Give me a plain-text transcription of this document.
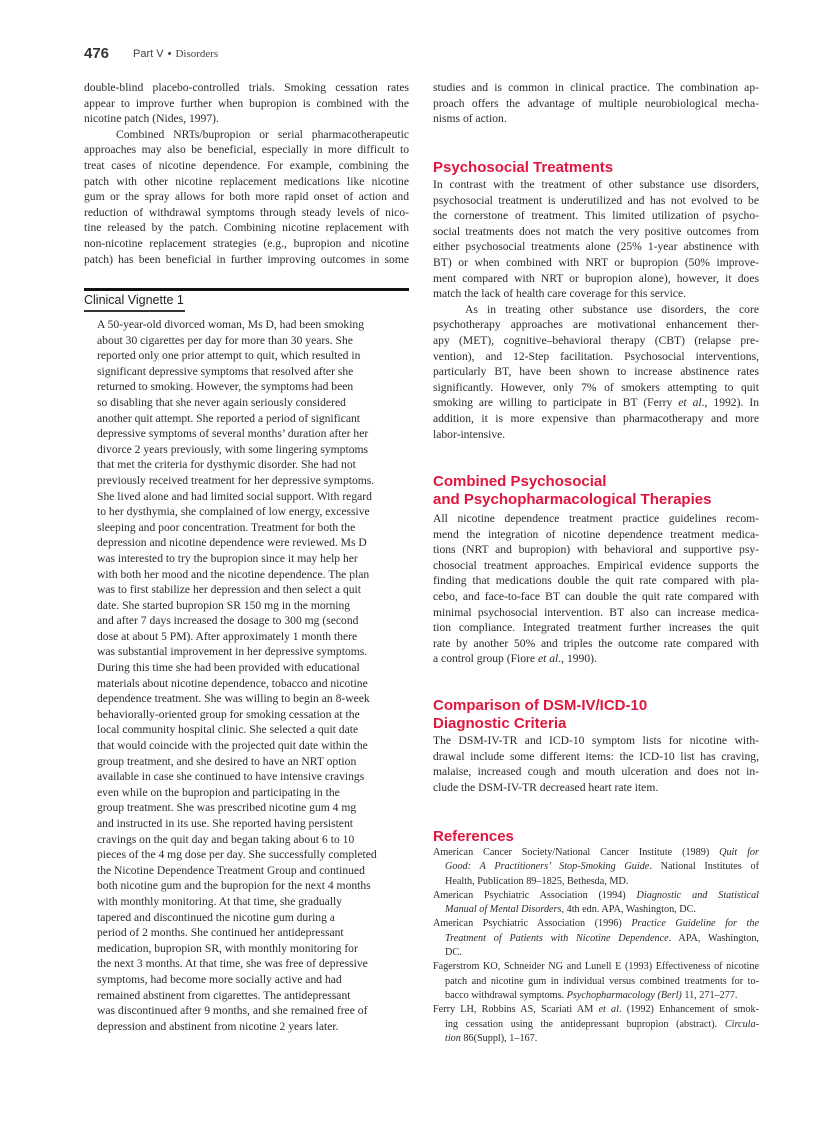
476 Part V • Disorders
double-blind placebo-controlled trials. Smoking cessation rates
appear to improve further when bupropion is combined with the
nicotine patch (Nides, 1997).
Combined NRTs/bupropion or serial pharmacotherapeutic
approaches may also be beneficial, especially in more difficult to
treat cases of nicotine dependence. For example, combining the
patch with other nicotine replacement medications like nicotine
gum or the spray allows for both more rapid onset of action and
reduction of withdrawal symptoms through steady levels of nico-
tine released by the patch. Combining nicotine replacement with
non-nicotine replacement strategies (e.g., bupropion and nicotine
patch) has been beneficial in further improving outcomes in some
Clinical Vignette 1
A 50-year-old divorced woman, Ms D, had been smoking
about 30 cigarettes per day for more than 30 years. She
reported only one prior attempt to quit, which resulted in
significant depressive symptoms that resolved after she
returned to smoking. However, the symptoms had been
so disabling that she never again seriously considered
another quit attempt. She reported a period of significant
depressive symptoms of several months’ duration after her
divorce 2 years previously, with some lingering symptoms
that met the criteria for dysthymic disorder. She had not
previously received treatment for her depressive symptoms.
She lived alone and had limited social support. With regard
to her dysthymia, she complained of low energy, excessive
sleeping and poor concentration. Treatment for both the
depression and nicotine dependence were reviewed. Ms D
was interested to try the bupropion since it may help her
with both her mood and the nicotine dependence. The plan
was to first stabilize her depression and then select a quit
date. She started bupropion SR 150 mg in the morning
and after 7 days increased the dosage to 300 mg (second
dose at about 5 PM). After approximately 1 month there
was substantial improvement in her depressive symptoms.
During this time she had been provided with educational
materials about nicotine dependence, tobacco and nicotine
dependence treatment. She was willing to begin an 8-week
behaviorally-oriented group for smoking cessation at the
local community hospital clinic. She selected a quit date
that would coincide with the projected quit date within the
group treatment, and she desired to have an NRT option
available in case she continued to have intensive cravings
even while on the bupropion and participating in the
group treatment. She was prescribed nicotine gum 4 mg
and instructed in its use. She reported having persistent
cravings on the quit day and began taking about 6 to 10
pieces of the 4 mg dose per day. She successfully completed
the Nicotine Dependence Treatment Group and continued
both nicotine gum and the bupropion for the next 4 months
with monthly monitoring. At that time, she gradually
tapered and discontinued the nicotine gum during a
period of 2 months. She continued her antidepressant
medication, bupropion SR, with monthly monitoring for
the next 3 months. At that time, she was free of depressive
symptoms, had become more socially active and had
remained abstinent from cigarettes. The antidepressant
was discontinued after 9 months, and she remained free of
depression and abstinent from nicotine 2 years later.
studies and is common in clinical practice. The combination ap-
proach offers the advantage of multiple neurobiological mecha-
nisms of action.
Psychosocial Treatments
In contrast with the treatment of other substance use disorders,
psychosocial treatment is underutilized and has not evolved to be
the cornerstone of treatment. This limited utilization of psycho-
social treatments does not match the very positive outcomes from
either psychosocial treatments alone (25% 1-year abstinence with
BT) or when combined with NRT or bupropion (50% improve-
ment compared with NRT or bupropion alone), however, it does
match the lack of health care coverage for this service.
As in treating other substance use disorders, the core
psychotherapy approaches are motivational enhancement ther-
apy (MET), cognitive–behavioral therapy (CBT) (relapse pre-
vention), and 12-Step facilitation. Psychosocial interventions,
particularly BT, have been shown to increase abstinence rates
significantly. However, only 7% of smokers attempting to quit
smoking are willing to participate in BT (Ferry et al., 1992). In
addition, it is more expensive than pharmacotherapy and more
labor-intensive.
Combined Psychosocial
and Psychopharmacological Therapies
All nicotine dependence treatment practice guidelines recom-
mend the integration of nicotine dependence treatment medica-
tions (NRT and bupropion) with behavioral and supportive psy-
chosocial treatment approaches. Empirical evidence supports the
finding that medications double the quit rate compared with pla-
cebo, and face-to-face BT can double the quit rate compared with
minimal psychosocial intervention. BT also can increase medica-
tion compliance. Integrated treatment further increases the quit
rate by another 50% and triples the outcome rate compared with
a control group (Fiore et al., 1990).
Comparison of DSM-IV/ICD-10
Diagnostic Criteria
The DSM-IV-TR and ICD-10 symptom lists for nicotine with-
drawal include some different items: the ICD-10 list has craving,
malaise, increased cough and mouth ulceration and does not in-
clude the DSM-IV-TR decreased heart rate item.
References
American Cancer Society/National Cancer Institute (1989) Quit for
Good: A Practitioners’ Stop-Smoking Guide. National Institutes of
Health, Publication 89–1825, Bethesda, MD.
American Psychiatric Association (1994) Diagnostic and Statistical
Manual of Mental Disorders, 4th edn. APA, Washington, DC.
American Psychiatric Association (1996) Practice Guideline for the
Treatment of Patients with Nicotine Dependence. APA, Washington,
DC.
Fagerstrom KO, Schneider NG and Lunell E (1993) Effectiveness of nicotine
patch and nicotine gum in individual versus combined treatments for to-
bacco withdrawal symptoms. Psychopharmacology (Berl) 11, 271–277.
Ferry LH, Robbins AS, Scariati AM et al. (1992) Enhancement of smok-
ing cessation using the antidepressant bupropion (abstract). Circula-
tion 86(Suppl), 1–167.
